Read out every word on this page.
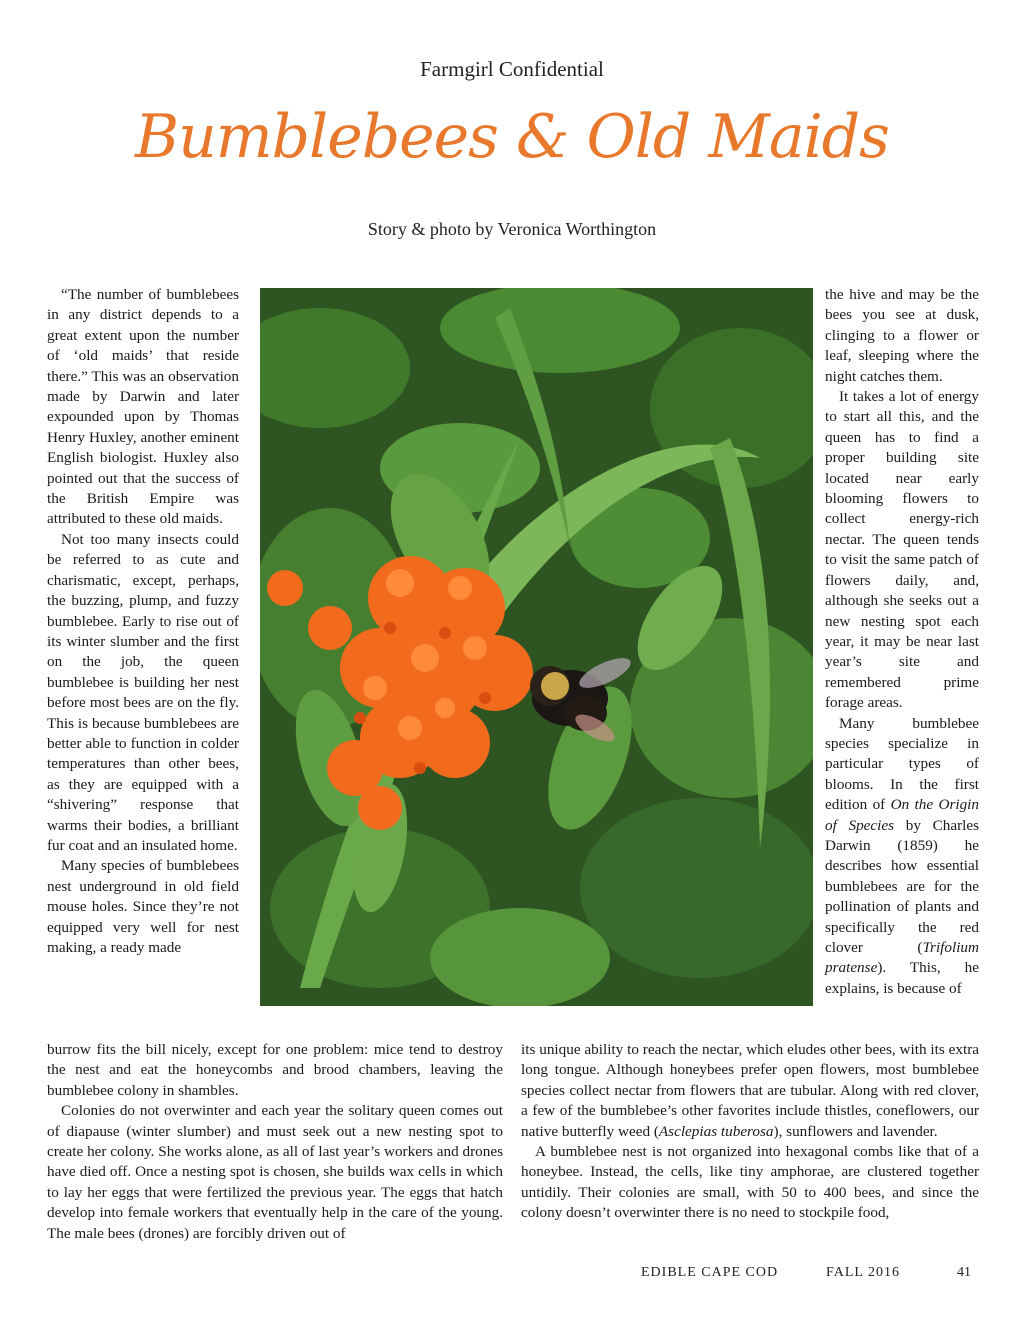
Farmgirl Confidential
Bumblebees & Old Maids
Story & photo by Veronica Worthington

“The number of bumblebees in any district depends to a great extent upon the number of ‘old maids’ that reside there.” This was an observation made by Darwin and later expounded upon by Thomas Henry Huxley, another eminent English biologist. Huxley also pointed out that the success of the British Empire was attributed to these old maids.

Not too many insects could be referred to as cute and charismatic, except, perhaps, the buzzing, plump, and fuzzy bumblebee. Early to rise out of its winter slumber and the first on the job, the queen bumblebee is building her nest before most bees are on the fly. This is because bumblebees are better able to function in colder temperatures than other bees, as they are equipped with a “shivering” response that warms their bodies, a brilliant fur coat and an insulated home.

Many species of bumblebees nest underground in old field mouse holes. Since they’re not equipped very well for nest making, a ready made

the hive and may be the bees you see at dusk, clinging to a flower or leaf, sleeping where the night catches them.

It takes a lot of energy to start all this, and the queen has to find a proper building site located near early blooming flowers to collect energy-rich nectar. The queen tends to visit the same patch of flowers daily, and, although she seeks out a new nesting spot each year, it may be near last year’s site and remembered prime forage areas.

Many bumblebee species specialize in particular types of blooms. In the first edition of On the Origin of Species by Charles Darwin (1859) he describes how essential bumblebees are for the pollination of plants and specifically the red clover (Trifolium pratense). This, he explains, is because of

burrow fits the bill nicely, except for one problem: mice tend to destroy the nest and eat the honeycombs and brood chambers, leaving the bumblebee colony in shambles.

Colonies do not overwinter and each year the solitary queen comes out of diapause (winter slumber) and must seek out a new nesting spot to create her colony. She works alone, as all of last year’s workers and drones have died off. Once a nesting spot is chosen, she builds wax cells in which to lay her eggs that were fertilized the previous year. The eggs that hatch develop into female workers that eventually help in the care of the young. The male bees (drones) are forcibly driven out of

its unique ability to reach the nectar, which eludes other bees, with its extra long tongue. Although honeybees prefer open flowers, most bumblebee species collect nectar from flowers that are tubular. Along with red clover, a few of the bumblebee’s other favorites include thistles, coneflowers, our native butterfly weed (Asclepias tuberosa), sunflowers and lavender.

A bumblebee nest is not organized into hexagonal combs like that of a honeybee. Instead, the cells, like tiny amphorae, are clustered together untidily. Their colonies are small, with 50 to 400 bees, and since the colony doesn’t overwinter there is no need to stockpile food,

EDIBLE CAPE COD	FALL 2016	41
